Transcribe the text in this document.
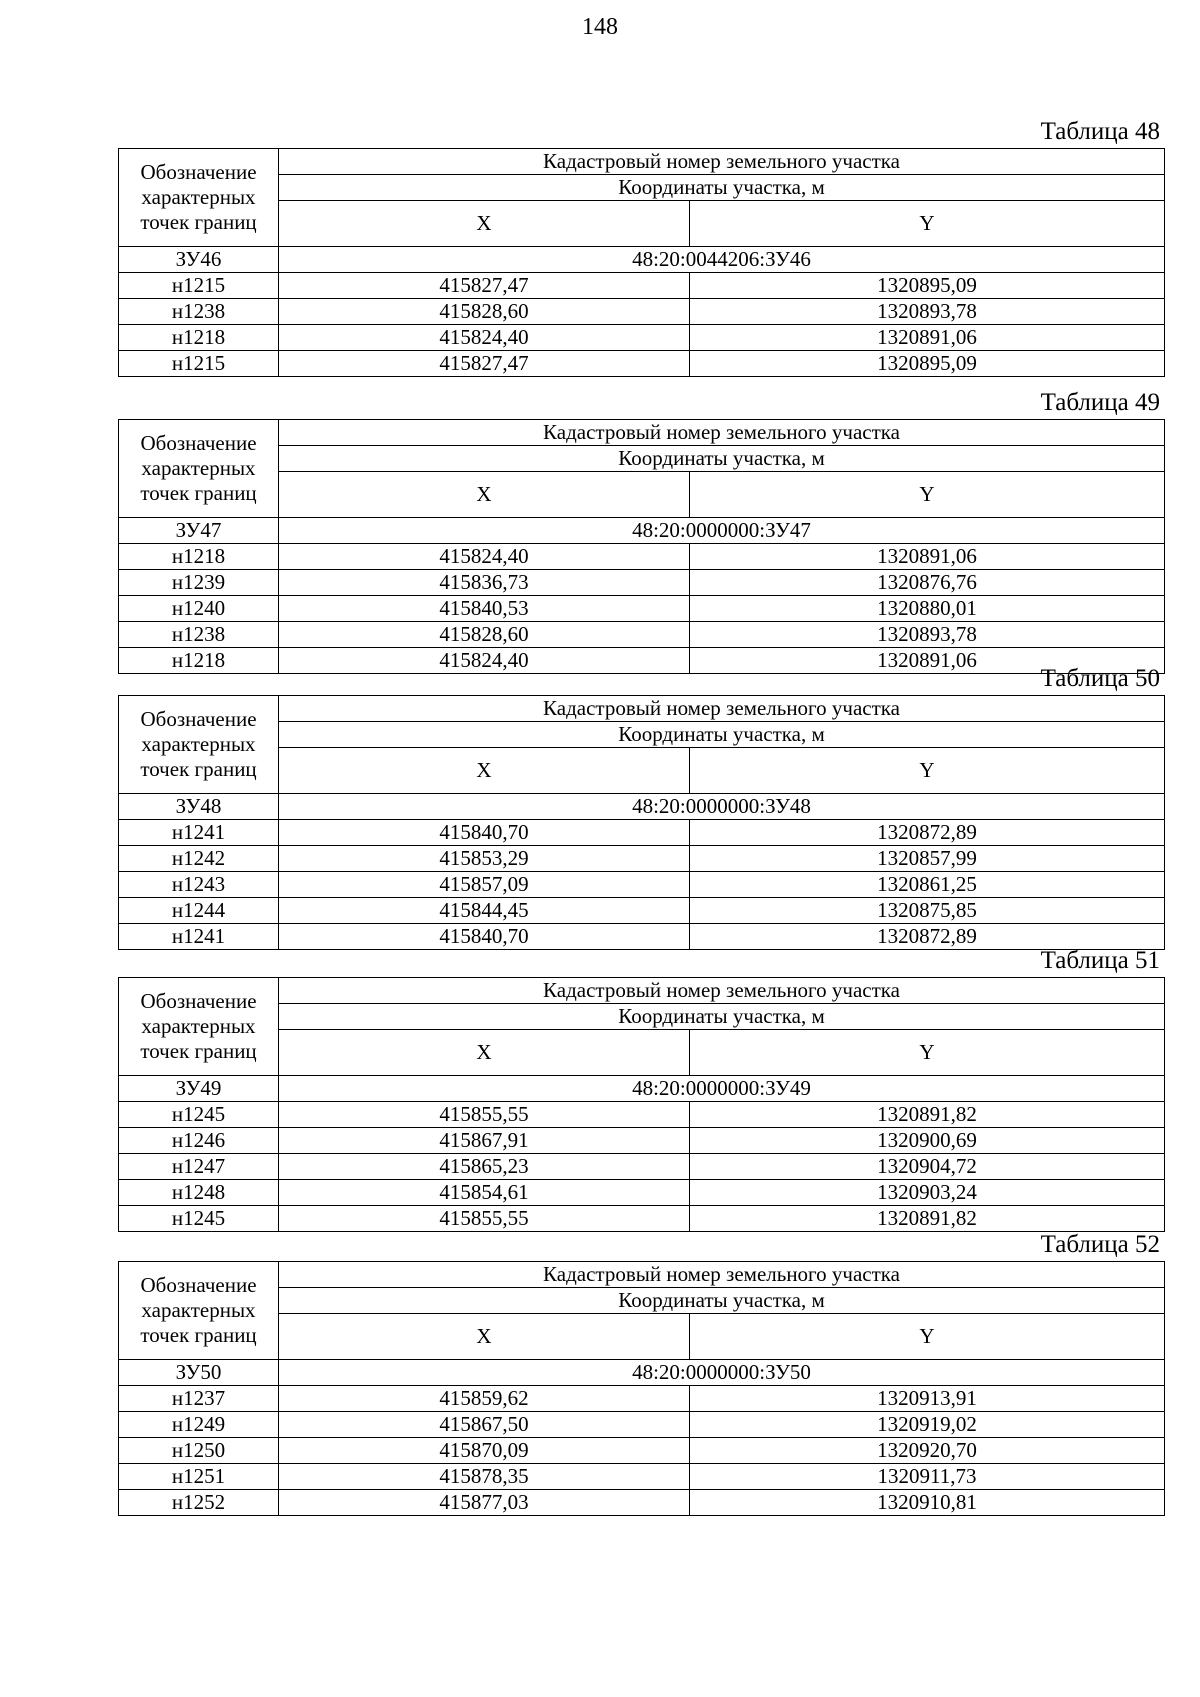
148
Таблица 48
Обозначение характерных точек границ	Кадастровый номер земельного участка	
	Координаты участка, м	
	X	Y
ЗУ46	48:20:0044206:ЗУ46	
н1215	415827,47	1320895,09
н1238	415828,60	1320893,78
н1218	415824,40	1320891,06
н1215	415827,47	1320895,09
Таблица 49
Обозначение характерных точек границ	Кадастровый номер земельного участка	
	Координаты участка, м	
	X	Y
ЗУ47	48:20:0000000:ЗУ47	
н1218	415824,40	1320891,06
н1239	415836,73	1320876,76
н1240	415840,53	1320880,01
н1238	415828,60	1320893,78
н1218	415824,40	1320891,06
Таблица 50
Обозначение характерных точек границ	Кадастровый номер земельного участка	
	Координаты участка, м	
	X	Y
ЗУ48	48:20:0000000:ЗУ48	
н1241	415840,70	1320872,89
н1242	415853,29	1320857,99
н1243	415857,09	1320861,25
н1244	415844,45	1320875,85
н1241	415840,70	1320872,89
Таблица 51
Обозначение характерных точек границ	Кадастровый номер земельного участка	
	Координаты участка, м	
	X	Y
ЗУ49	48:20:0000000:ЗУ49	
н1245	415855,55	1320891,82
н1246	415867,91	1320900,69
н1247	415865,23	1320904,72
н1248	415854,61	1320903,24
н1245	415855,55	1320891,82
Таблица 52
Обозначение характерных точек границ	Кадастровый номер земельного участка	
	Координаты участка, м	
	X	Y
ЗУ50	48:20:0000000:ЗУ50	
н1237	415859,62	1320913,91
н1249	415867,50	1320919,02
н1250	415870,09	1320920,70
н1251	415878,35	1320911,73
н1252	415877,03	1320910,81
